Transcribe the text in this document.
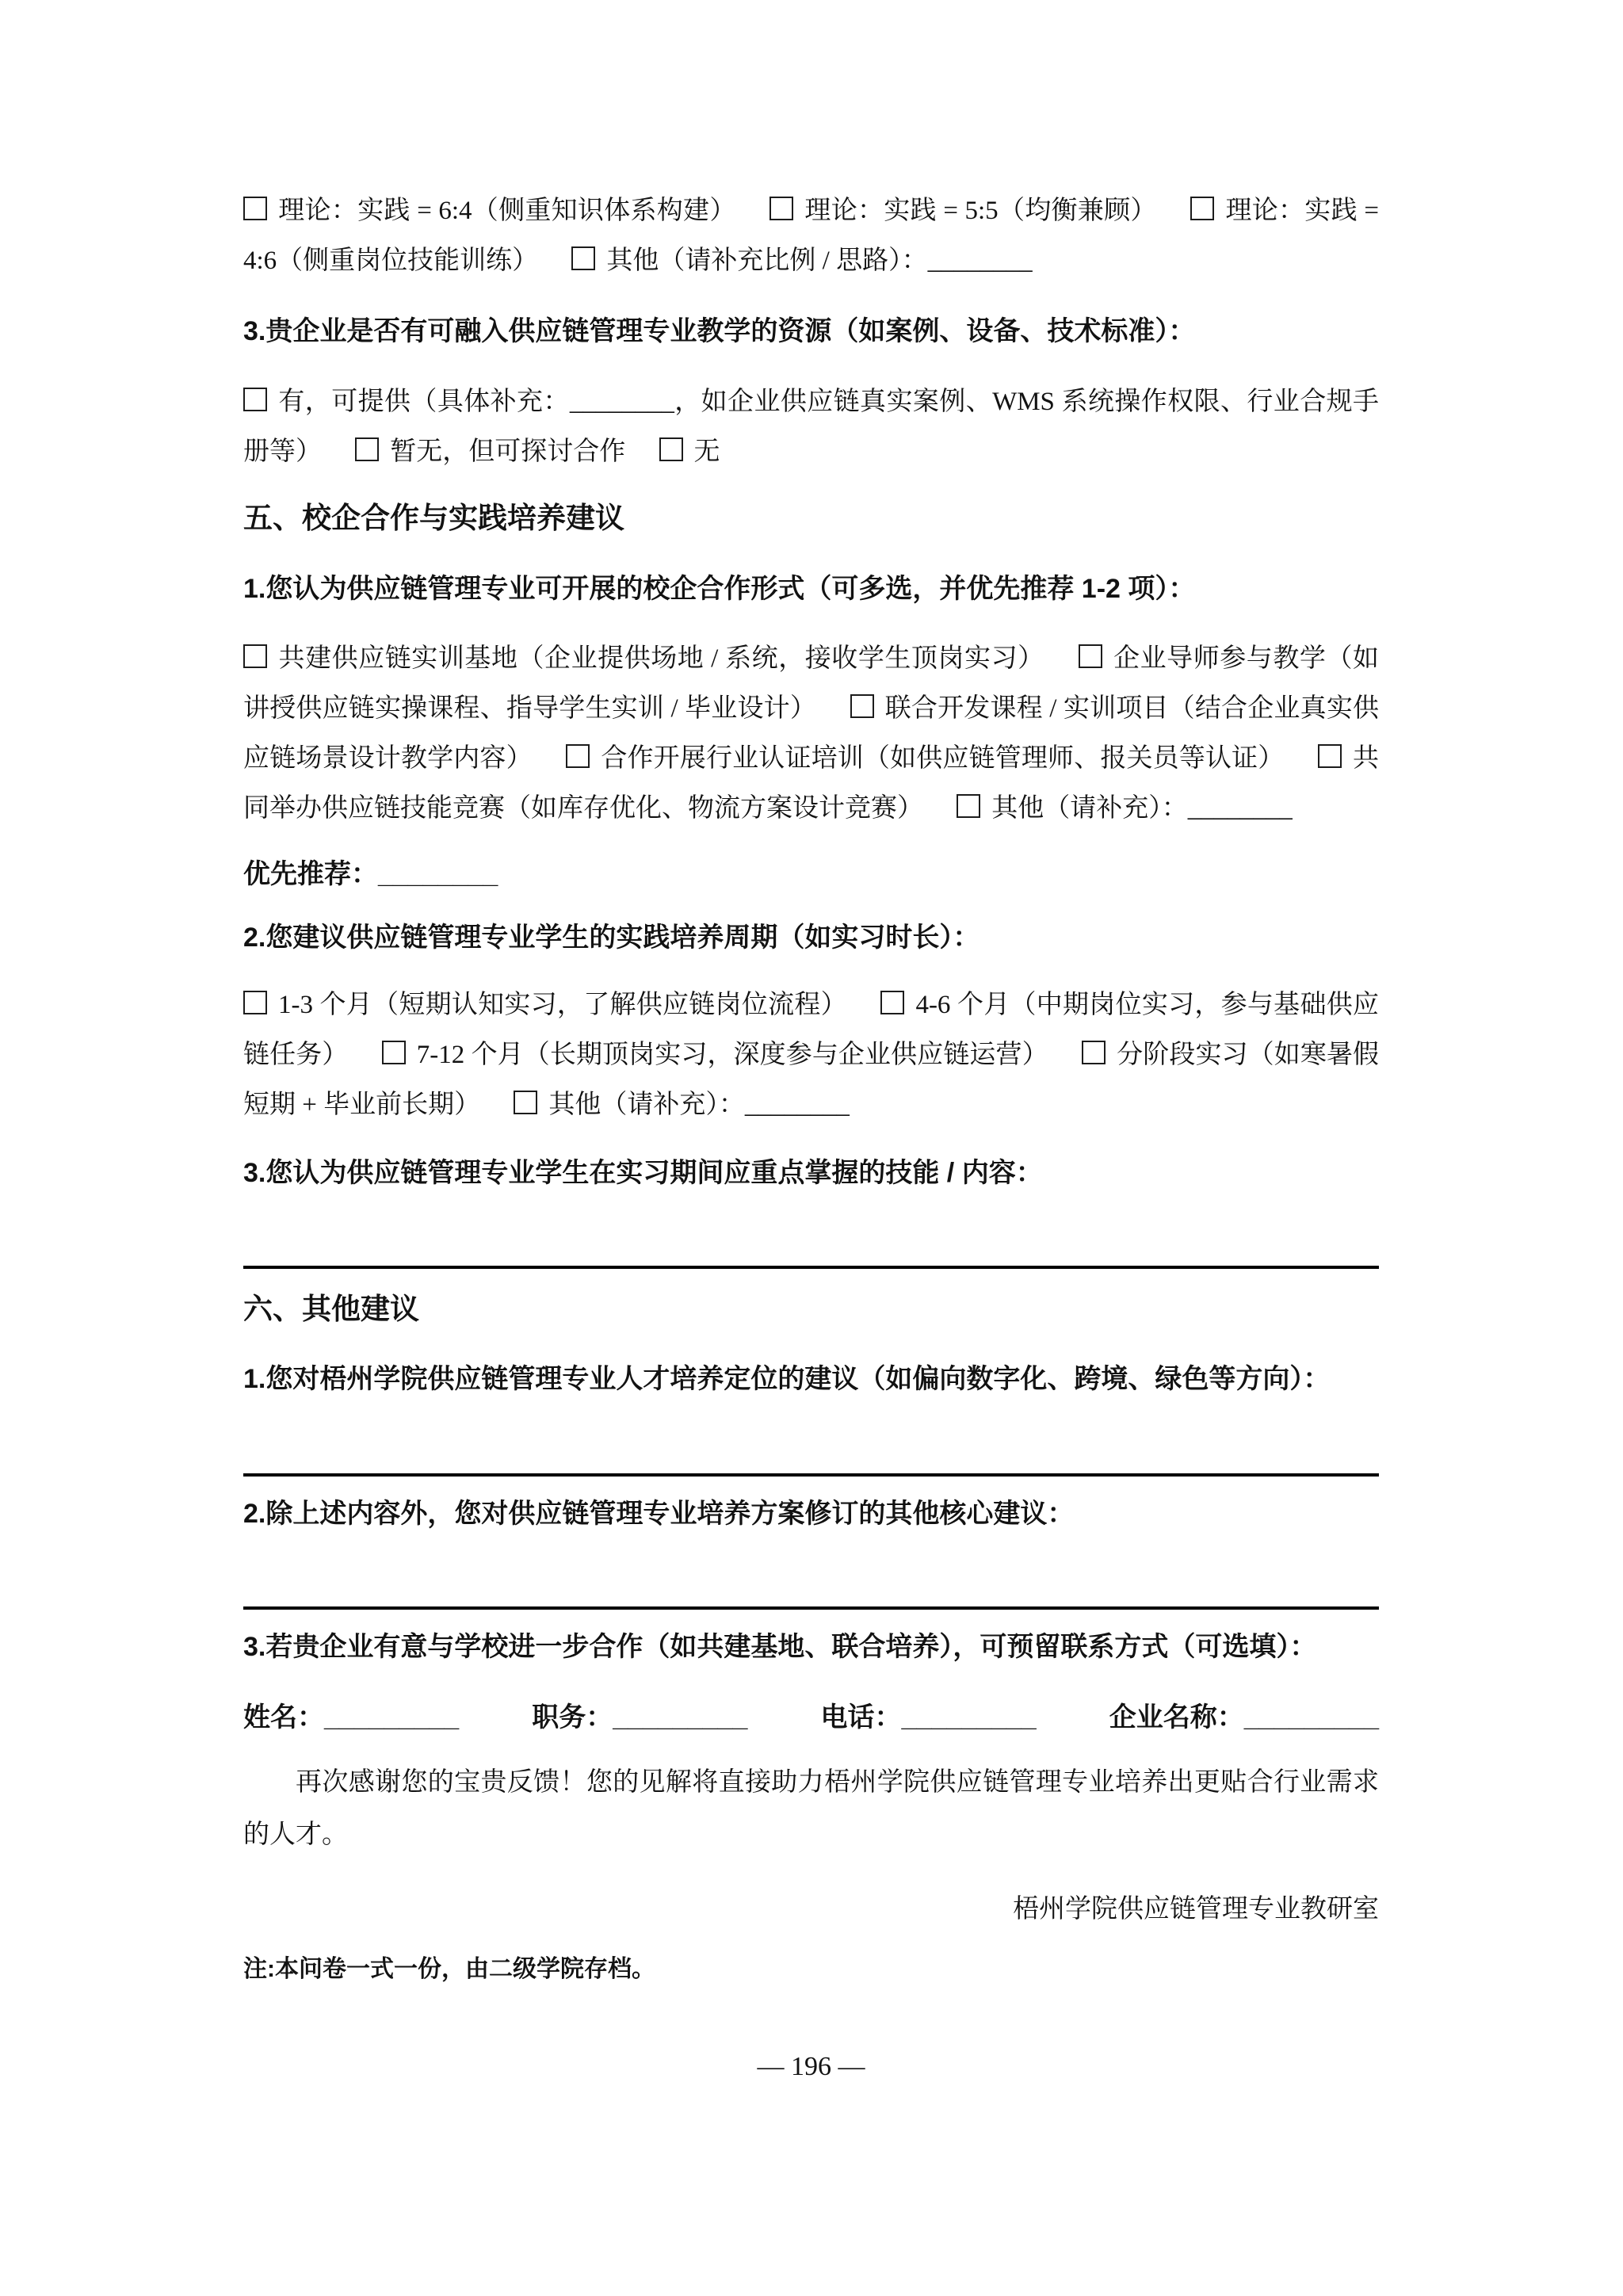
理论：实践 = 6:4（侧重知识体系构建）	理论：实践 = 5:5（均衡兼顾）	理论：实践 = 4:6（侧重岗位技能训练）	其他（请补充比例 / 思路）：________

3.贵企业是否有可融入供应链管理专业教学的资源（如案例、设备、技术标准）：

有，可提供（具体补充：________，如企业供应链真实案例、WMS 系统操作权限、行业合规手册等）	暂无，但可探讨合作	无

五、校企合作与实践培养建议

1.您认为供应链管理专业可开展的校企合作形式（可多选，并优先推荐 1-2 项）：

共建供应链实训基地（企业提供场地 / 系统，接收学生顶岗实习）	企业导师参与教学（如讲授供应链实操课程、指导学生实训 / 毕业设计）	联合开发课程 / 实训项目（结合企业真实供应链场景设计教学内容）	合作开展行业认证培训（如供应链管理师、报关员等认证）	共同举办供应链技能竞赛（如库存优化、物流方案设计竞赛）	其他（请补充）：________

优先推荐：________

2.您建议供应链管理专业学生的实践培养周期（如实习时长）：

1-3 个月（短期认知实习，了解供应链岗位流程）	4-6 个月（中期岗位实习，参与基础供应链任务）	7-12 个月（长期顶岗实习，深度参与企业供应链运营）	分阶段实习（如寒暑假短期 + 毕业前长期）	其他（请补充）：________

3.您认为供应链管理专业学生在实习期间应重点掌握的技能 / 内容：

六、其他建议

1.您对梧州学院供应链管理专业人才培养定位的建议（如偏向数字化、跨境、绿色等方向）：

2.除上述内容外，您对供应链管理专业培养方案修订的其他核心建议：

3.若贵企业有意与学校进一步合作（如共建基地、联合培养），可预留联系方式（可选填）：

姓名：_________	职务：_________	电话：_________	企业名称：_________

再次感谢您的宝贵反馈！您的见解将直接助力梧州学院供应链管理专业培养出更贴合行业需求的人才。

梧州学院供应链管理专业教研室

注:本问卷一式一份，由二级学院存档。

— 196 —
